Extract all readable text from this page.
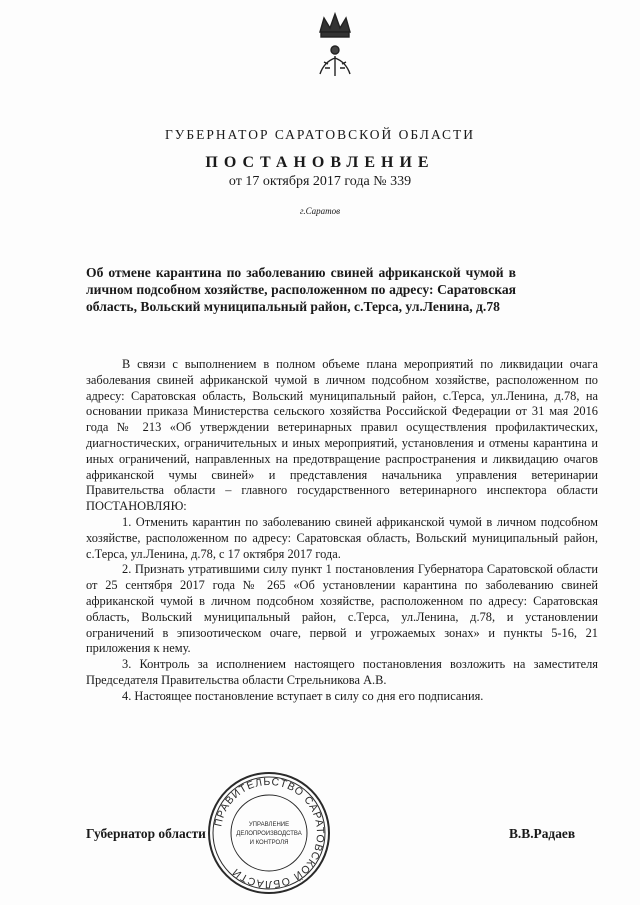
ГУБЕРНАТОР САРАТОВСКОЙ ОБЛАСТИ
ПОСТАНОВЛЕНИЕ
от 17 октября 2017 года № 339
г.Саратов
Об отмене карантина по заболеванию свиней африканской чумой в личном подсобном хозяйстве, расположенном по адресу: Саратовская область, Вольский муниципальный район, с.Терса, ул.Ленина, д.78

В связи с выполнением в полном объеме плана мероприятий по ликвидации очага заболевания свиней африканской чумой в личном подсобном хозяйстве, расположенном по адресу: Саратовская область, Вольский муниципальный район, с.Терса, ул.Ленина, д.78, на основании приказа Министерства сельского хозяйства Российской Федерации от 31 мая 2016 года № 213 «Об утверждении ветеринарных правил осуществления профилактических, диагностических, ограничительных и иных мероприятий, установления и отмены карантина и иных ограничений, направленных на предотвращение распространения и ликвидацию очагов африканской чумы свиней» и представления начальника управления ветеринарии Правительства области – главного государственного ветеринарного инспектора области ПОСТАНОВЛЯЮ:

1. Отменить карантин по заболеванию свиней африканской чумой в личном подсобном хозяйстве, расположенном по адресу: Саратовская область, Вольский муниципальный район, с.Терса, ул.Ленина, д.78, с 17 октября 2017 года.

2. Признать утратившими силу пункт 1 постановления Губернатора Саратовской области от 25 сентября 2017 года № 265 «Об установлении карантина по заболеванию свиней африканской чумой в личном подсобном хозяйстве, расположенном по адресу: Саратовская область, Вольский муниципальный район, с.Терса, ул.Ленина, д.78, и установлении ограничений в эпизоотическом очаге, первой и угрожаемых зонах» и пункты 5-16, 21 приложения к нему.

3. Контроль за исполнением настоящего постановления возложить на заместителя Председателя Правительства области Стрельникова А.В.

4. Настоящее постановление вступает в силу со дня его подписания.

Губернатор области	В.В.Радаев
ПРАВИТЕЛЬСТВО САРАТОВСКОЙ ОБЛАСТИ
УПРАВЛЕНИЕ
ДЕЛОПРОИЗВОДСТВА
И КОНТРОЛЯ
